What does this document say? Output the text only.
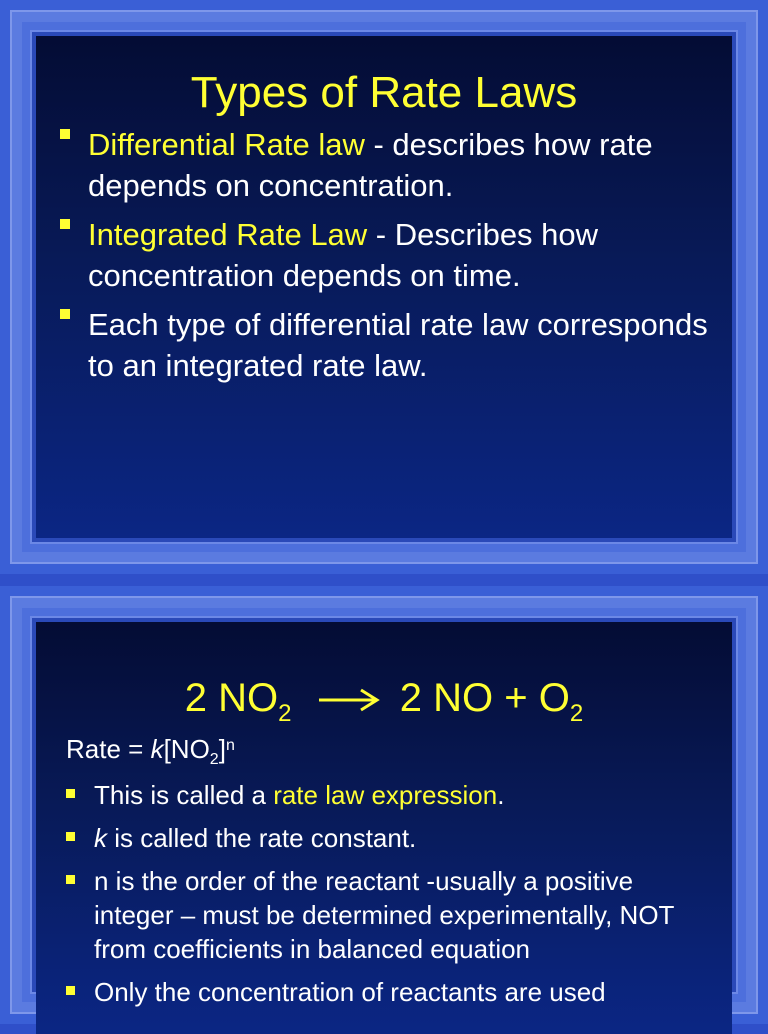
Types of Rate Laws
Differential Rate law - describes how rate depends on concentration.
Integrated Rate Law - Describes how concentration depends on time.
Each type of differential rate law corresponds to an integrated rate law.
2 $NO_2 \to 2$ NO + $O_2$
Rate = $k[NO_2]^n$
This is called a rate law expression.
k is called the rate constant.
n is the order of the reactant -usually a positive integer – must be determined experimentally, NOT from coefficients in balanced equation
Only the concentration of reactants are used
